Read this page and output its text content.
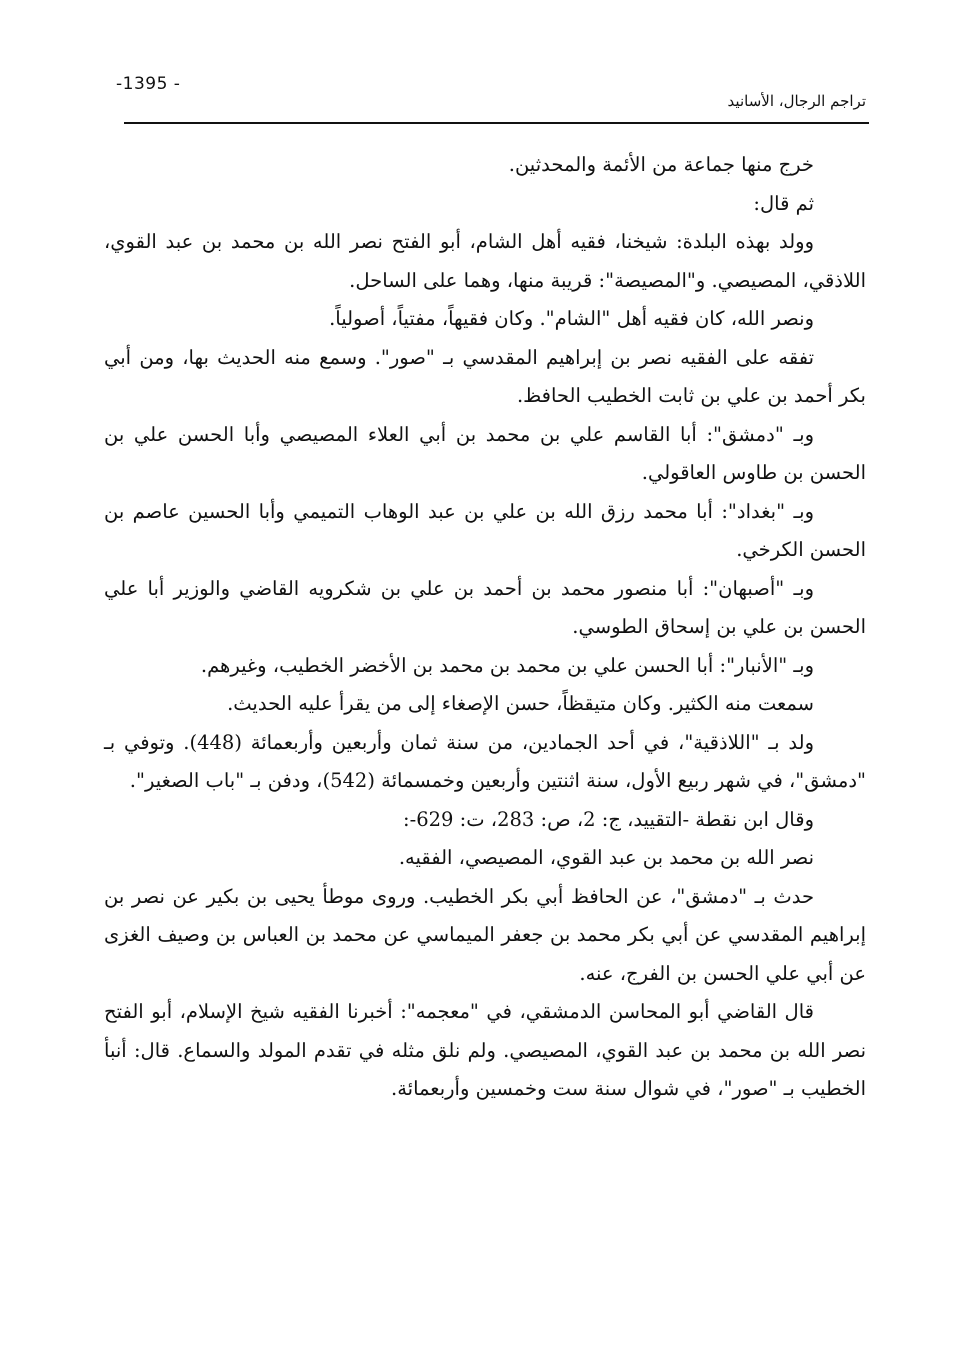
-1395 -
تراجم الرجال، الأسانيد

خرج منها جماعة من الأئمة والمحدثين.

ثم قال:

وولد بهذه البلدة: شيخنا، فقيه أهل الشام، أبو الفتح نصر الله بن محمد بن عبد القوي، اللاذقي، المصيصي. و"المصيصة": قريبة منها، وهما على الساحل.

ونصر الله، كان فقيه أهل "الشام". وكان فقيهاً، مفتياً، أصولياً.

تفقه على الفقيه نصر بن إبراهيم المقدسي بـ "صور". وسمع منه الحديث بها، ومن أبي بكر أحمد بن علي بن ثابت الخطيب الحافظ.

وبـ "دمشق": أبا القاسم علي بن محمد بن أبي العلاء المصيصي وأبا الحسن علي بن الحسن بن طاوس العاقولي.

وبـ "بغداد": أبا محمد رزق الله بن علي بن عبد الوهاب التميمي وأبا الحسين عاصم بن الحسن الكرخي.

وبـ "أصبهان": أبا منصور محمد بن أحمد بن علي بن شكرويه القاضي والوزير أبا علي الحسن بن علي بن إسحاق الطوسي.

وبـ "الأنبار": أبا الحسن علي بن محمد بن محمد بن الأخضر الخطيب، وغيرهم.

سمعت منه الكثير. وكان متيقظاً، حسن الإصغاء إلى من يقرأ عليه الحديث.

ولد بـ "اللاذقية"، في أحد الجمادين، من سنة ثمان وأربعين وأربعمائة (448). وتوفي بـ "دمشق"، في شهر ربيع الأول، سنة اثنتين وأربعين وخمسمائة (542)، ودفن بـ "باب الصغير".

وقال ابن نقطة -التقييد، ج: 2، ص: 283، ت: 629-:

نصر الله بن محمد بن عبد القوي، المصيصي، الفقيه.

حدث بـ "دمشق"، عن الحافظ أبي بكر الخطيب. وروى موطأ يحيى بن بكير عن نصر بن إبراهيم المقدسي عن أبي بكر محمد بن جعفر الميماسي عن محمد بن العباس بن وصيف الغزى عن أبي علي الحسن بن الفرج، عنه.

قال القاضي أبو المحاسن الدمشقي، في "معجمه": أخبرنا الفقيه شيخ الإسلام، أبو الفتح نصر الله بن محمد بن عبد القوي، المصيصي. ولم نلق مثله في تقدم المولد والسماع. قال: أنبأ الخطيب بـ "صور"، في شوال سنة ست وخمسين وأربعمائة.
